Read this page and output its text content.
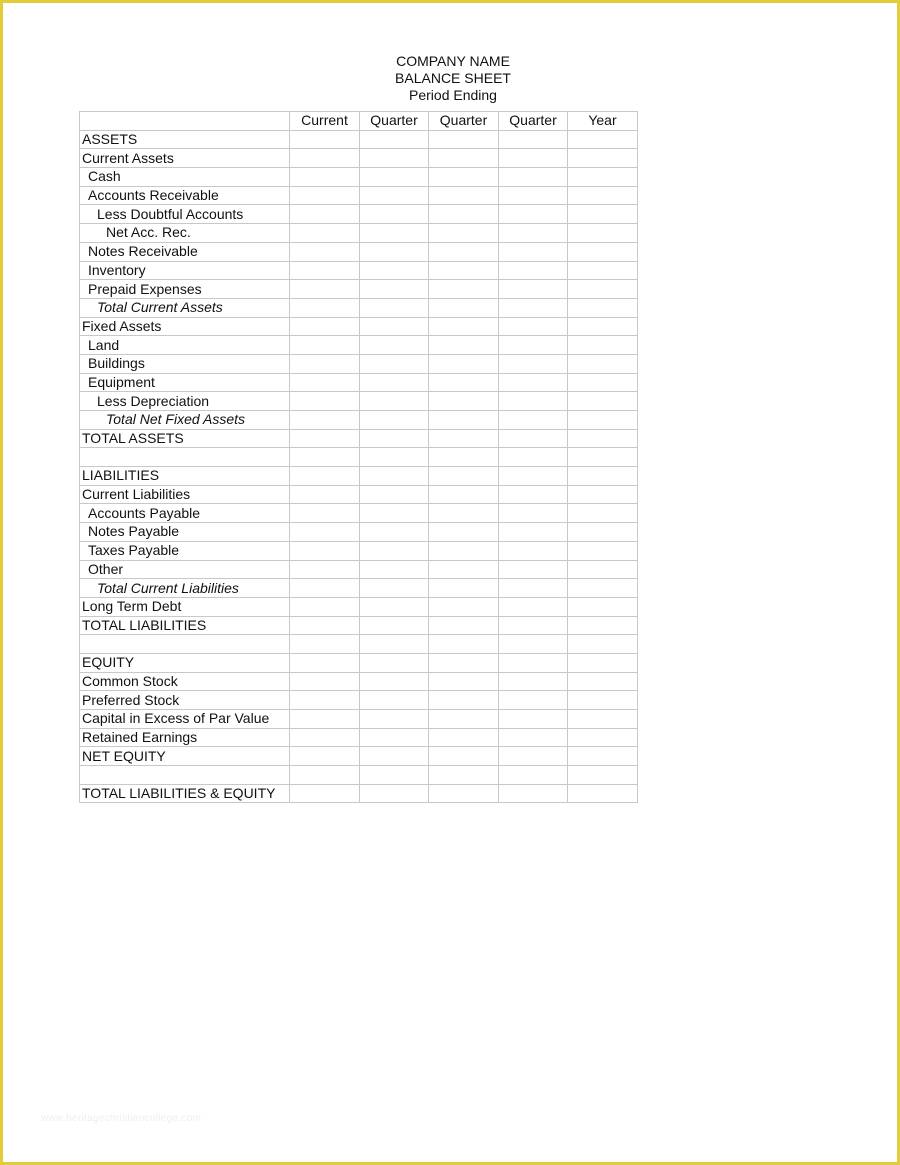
COMPANY NAME
BALANCE SHEET
Period Ending
	Current	Quarter	Quarter	Quarter	Year
ASSETS					
Current Assets					
Cash					
Accounts Receivable					
Less Doubtful Accounts					
Net Acc. Rec.					
Notes Receivable					
Inventory					
Prepaid Expenses					
Total Current Assets					
Fixed Assets					
Land					
Buildings					
Equipment					
Less Depreciation					
Total Net Fixed Assets					
TOTAL ASSETS					

LIABILITIES					
Current Liabilities					
Accounts Payable					
Notes Payable					
Taxes Payable					
Other					
Total Current Liabilities					
Long Term Debt					
TOTAL LIABILITIES					

EQUITY					
Common Stock					
Preferred Stock					
Capital in Excess of Par Value					
Retained Earnings					
NET EQUITY					

TOTAL LIABILITIES & EQUITY					
www.heritagechristiancollege.com
